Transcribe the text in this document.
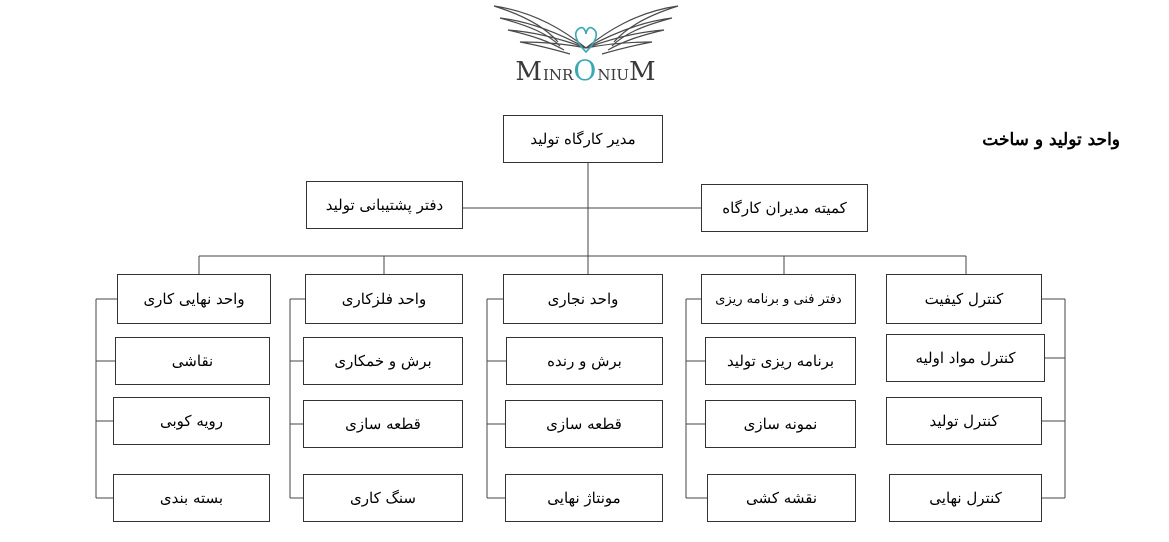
MINRONIUM
واحد تولید و ساخت
مدیر کارگاه تولید
دفتر پشتیبانی تولید	کمیته مدیران کارگاه
واحد نهایی کاری
نقاشی
رویه کوبی
بسته بندی
واحد فلزکاری
برش و خمکاری
قطعه سازی
سنگ کاری
واحد نجاری
برش و رنده
قطعه سازی
مونتاژ نهایی
دفتر فنی و برنامه ریزی
برنامه ریزی تولید
نمونه سازی
نقشه کشی
کنترل کیفیت
کنترل مواد اولیه
کنترل تولید
کنترل نهایی
